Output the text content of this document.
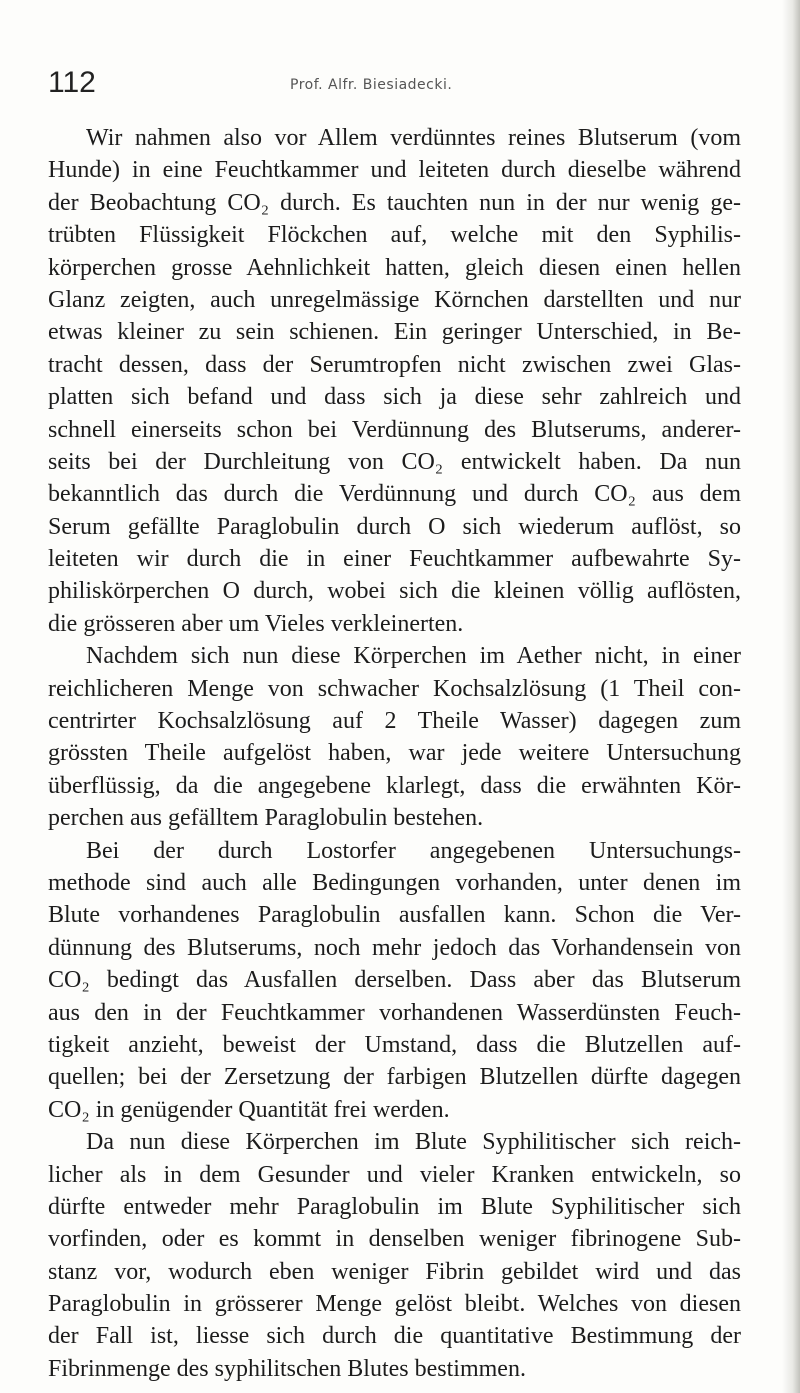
112	Prof. Alfr. Biesiadecki.
Wir nahmen also vor Allem verdünntes reines Blutserum (vom
Hunde) in eine Feuchtkammer und leiteten durch dieselbe während
der Beobachtung CO₂ durch. Es tauchten nun in der nur wenig ge-
trübten Flüssigkeit Flöckchen auf, welche mit den Syphilis-
körperchen grosse Aehnlichkeit hatten, gleich diesen einen hellen
Glanz zeigten, auch unregelmässige Körnchen darstellten und nur
etwas kleiner zu sein schienen. Ein geringer Unterschied, in Be-
tracht dessen, dass der Serumtropfen nicht zwischen zwei Glas-
platten sich befand und dass sich ja diese sehr zahlreich und
schnell einerseits schon bei Verdünnung des Blutserums, anderer-
seits bei der Durchleitung von CO₂ entwickelt haben. Da nun
bekanntlich das durch die Verdünnung und durch CO₂ aus dem
Serum gefällte Paraglobulin durch O sich wiederum auflöst, so
leiteten wir durch die in einer Feuchtkammer aufbewahrte Sy-
philiskörperchen O durch, wobei sich die kleinen völlig auflösten,
die grösseren aber um Vieles verkleinerten.
Nachdem sich nun diese Körperchen im Aether nicht, in einer
reichlicheren Menge von schwacher Kochsalzlösung (1 Theil con-
centrirter Kochsalzlösung auf 2 Theile Wasser) dagegen zum
grössten Theile aufgelöst haben, war jede weitere Untersuchung
überflüssig, da die angegebene klarlegt, dass die erwähnten Kör-
perchen aus gefälltem Paraglobulin bestehen.
Bei der durch Lostorfer angegebenen Untersuchungs-
methode sind auch alle Bedingungen vorhanden, unter denen im
Blute vorhandenes Paraglobulin ausfallen kann. Schon die Ver-
dünnung des Blutserums, noch mehr jedoch das Vorhandensein von
CO₂ bedingt das Ausfallen derselben. Dass aber das Blutserum
aus den in der Feuchtkammer vorhandenen Wasserdünsten Feuch-
tigkeit anzieht, beweist der Umstand, dass die Blutzellen auf-
quellen; bei der Zersetzung der farbigen Blutzellen dürfte dagegen
CO₂ in genügender Quantität frei werden.
Da nun diese Körperchen im Blute Syphilitischer sich reich-
licher als in dem Gesunder und vieler Kranken entwickeln, so
dürfte entweder mehr Paraglobulin im Blute Syphilitischer sich
vorfinden, oder es kommt in denselben weniger fibrinogene Sub-
stanz vor, wodurch eben weniger Fibrin gebildet wird und das
Paraglobulin in grösserer Menge gelöst bleibt. Welches von diesen
der Fall ist, liesse sich durch die quantitative Bestimmung der
Fibrinmenge des syphilitschen Blutes bestimmen.
